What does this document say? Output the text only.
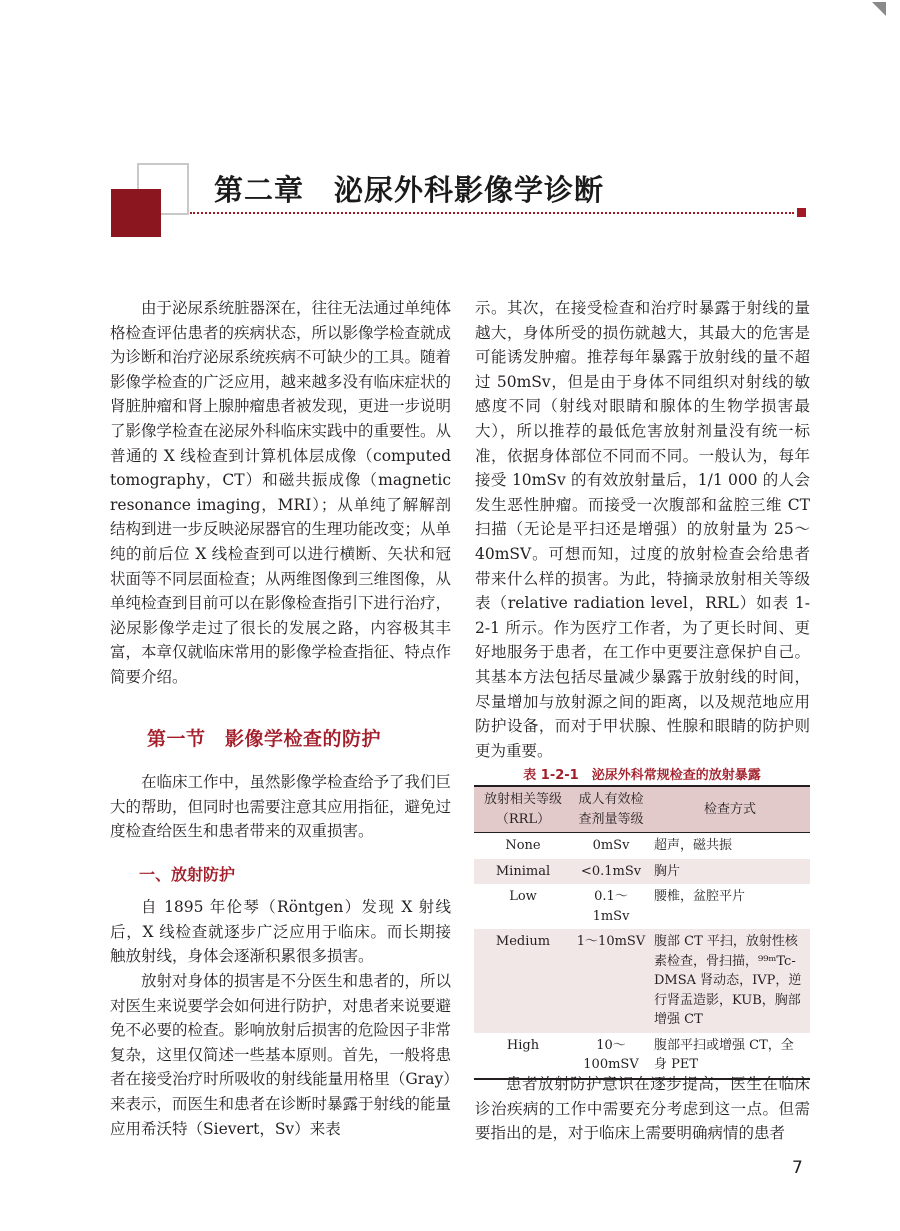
第二章　泌尿外科影像学诊断

由于泌尿系统脏器深在，往往无法通过单纯体格检查评估患者的疾病状态，所以影像学检查就成为诊断和治疗泌尿系统疾病不可缺少的工具。随着影像学检查的广泛应用，越来越多没有临床症状的肾脏肿瘤和肾上腺肿瘤患者被发现，更进一步说明了影像学检查在泌尿外科临床实践中的重要性。从普通的 X 线检查到计算机体层成像（computed tomography，CT）和磁共振成像（magnetic resonance imaging，MRI）；从单纯了解解剖结构到进一步反映泌尿器官的生理功能改变；从单纯的前后位 X 线检查到可以进行横断、矢状和冠状面等不同层面检查；从两维图像到三维图像，从单纯检查到目前可以在影像检查指引下进行治疗，泌尿影像学走过了很长的发展之路，内容极其丰富，本章仅就临床常用的影像学检查指征、特点作简要介绍。

第一节　影像学检查的防护

在临床工作中，虽然影像学检查给予了我们巨大的帮助，但同时也需要注意其应用指征，避免过度检查给医生和患者带来的双重损害。

一、放射防护

自 1895 年伦琴（Röntgen）发现 X 射线后，X 线检查就逐步广泛应用于临床。而长期接触放射线，身体会逐渐积累很多损害。

放射对身体的损害是不分医生和患者的，所以对医生来说要学会如何进行防护，对患者来说要避免不必要的检查。影响放射后损害的危险因子非常复杂，这里仅简述一些基本原则。首先，一般将患者在接受治疗时所吸收的射线能量用格里（Gray）来表示，而医生和患者在诊断时暴露于射线的能量应用希沃特（Sievert，Sv）来表

示。其次，在接受检查和治疗时暴露于射线的量越大，身体所受的损伤就越大，其最大的危害是可能诱发肿瘤。推荐每年暴露于放射线的量不超过 50mSv，但是由于身体不同组织对射线的敏感度不同（射线对眼睛和腺体的生物学损害最大），所以推荐的最低危害放射剂量没有统一标准，依据身体部位不同而不同。一般认为，每年接受 10mSv 的有效放射量后，1/1 000 的人会发生恶性肿瘤。而接受一次腹部和盆腔三维 CT 扫描（无论是平扫还是增强）的放射量为 25～40mSV。可想而知，过度的放射检查会给患者带来什么样的损害。为此，特摘录放射相关等级表（relative radiation level，RRL）如表 1-2-1 所示。作为医疗工作者，为了更长时间、更好地服务于患者，在工作中更要注意保护自己。其基本方法包括尽量减少暴露于放射线的时间，尽量增加与放射源之间的距离，以及规范地应用防护设备，而对于甲状腺、性腺和眼睛的防护则更为重要。

表 1-2-1　泌尿外科常规检查的放射暴露

放射相关等级（RRL）	成人有效检查剂量等级	检查方式
None	0mSv	超声，磁共振
Minimal	<0.1mSv	胸片
Low	0.1～1mSv	腰椎，盆腔平片
Medium	1～10mSV	腹部 CT 平扫，放射性核素检查，骨扫描，⁹⁹ᵐTc-DMSA 肾动态，IVP，逆行肾盂造影，KUB，胸部增强 CT
High	10～100mSV	腹部平扫或增强 CT，全身 PET

患者放射防护意识在逐步提高，医生在临床诊治疾病的工作中需要充分考虑到这一点。但需要指出的是，对于临床上需要明确病情的患者

7
